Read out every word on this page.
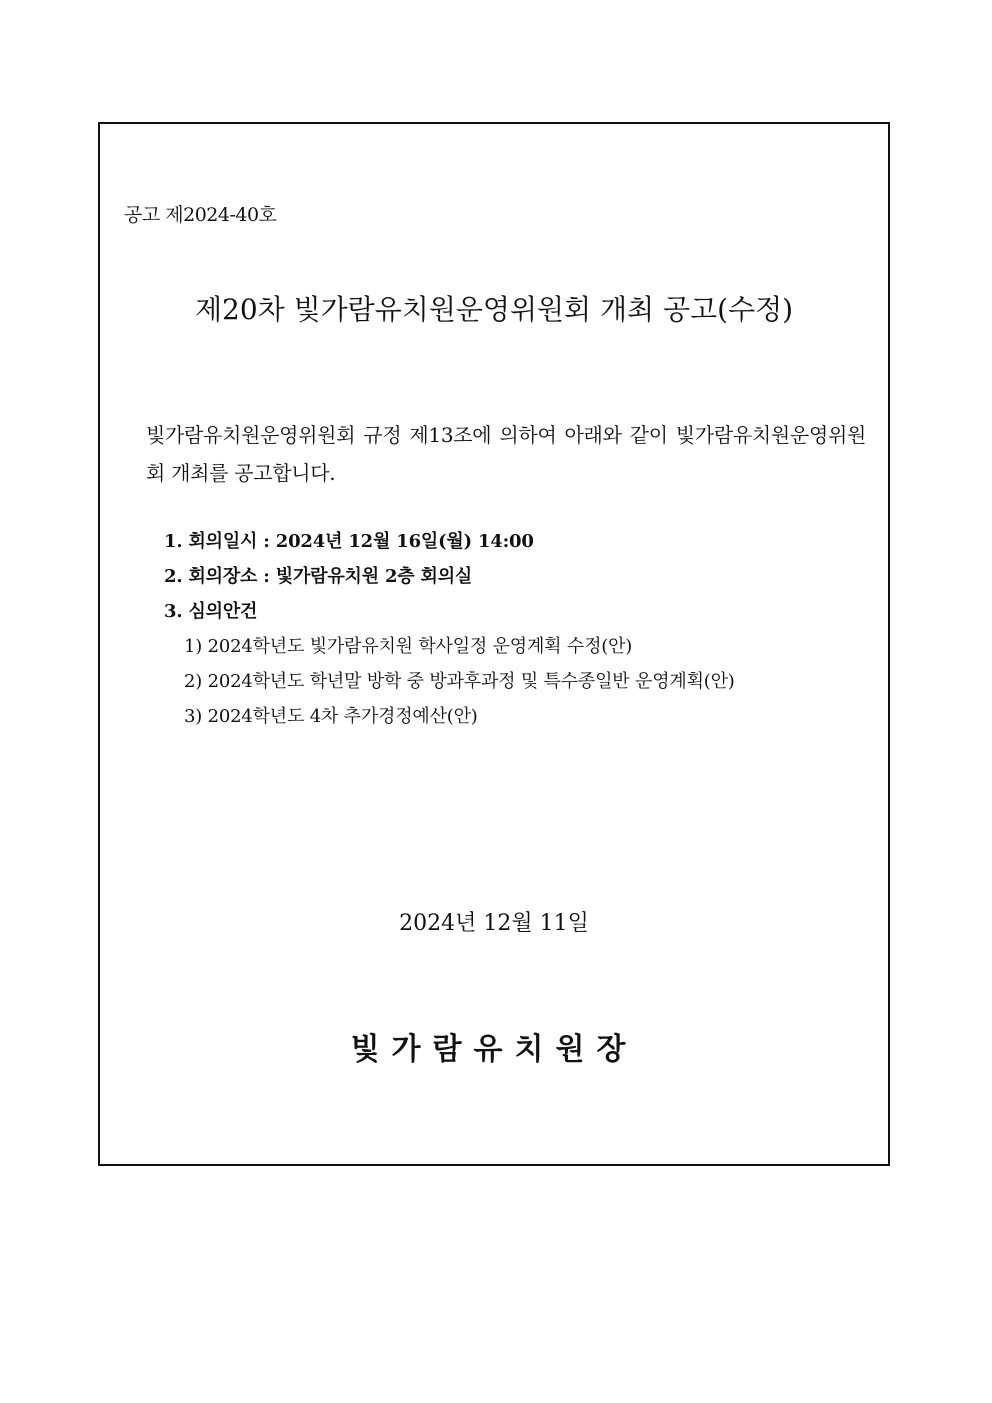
공고 제2024-40호
제20차 빛가람유치원운영위원회 개최 공고(수정)
빛가람유치원운영위원회 규정 제13조에 의하여 아래와 같이 빛가람유치원운영위원회 개최를 공고합니다.
1. 회의일시 : 2024년 12월 16일(월) 14:00
2. 회의장소 : 빛가람유치원 2층 회의실
3. 심의안건
1) 2024학년도 빛가람유치원 학사일정 운영계획 수정(안)
2) 2024학년도 학년말 방학 중 방과후과정 및 특수종일반 운영계획(안)
3) 2024학년도 4차 추가경정예산(안)
2024년 12월 11일
빛가람유치원장
